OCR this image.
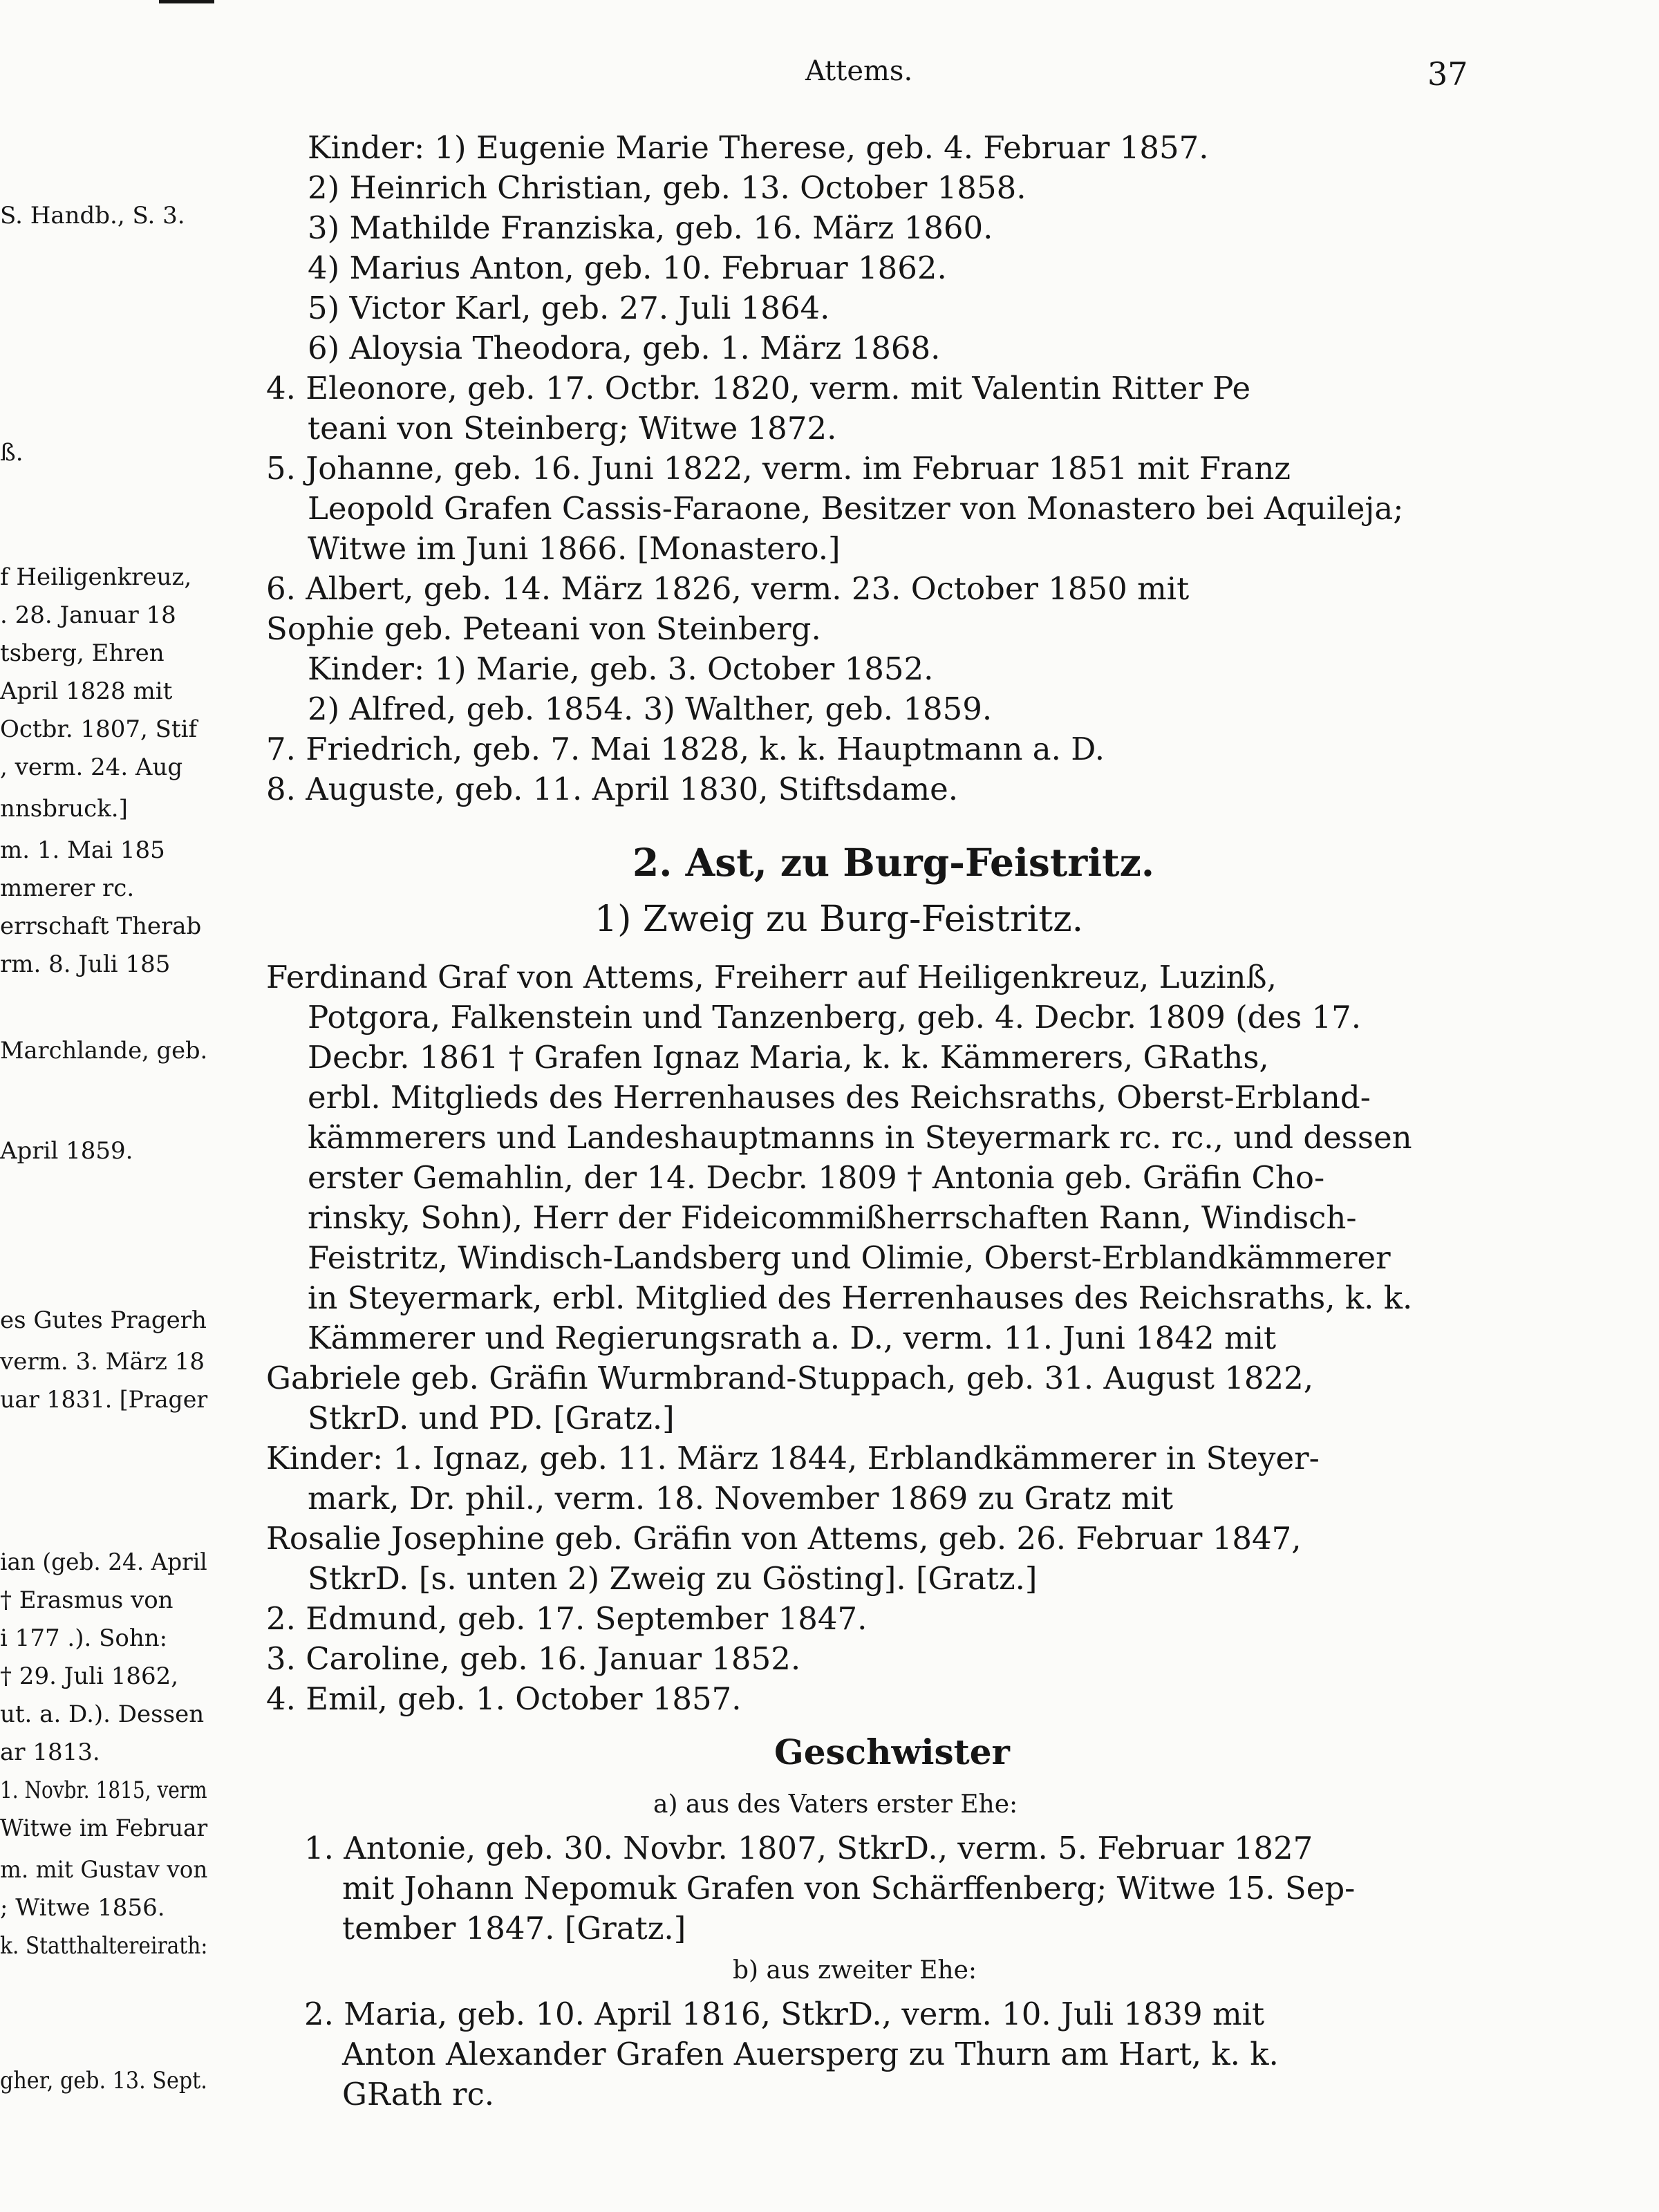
S. Handb., S. 3.
ß.
f Heiligenkreuz,
. 28. Januar 18
tsberg, Ehren
April 1828 mit
Octbr. 1807, Stif
, verm. 24. Aug
nnsbruck.]
m. 1. Mai 185
mmerer rc.
errschaft Therab
rm. 8. Juli 185
Marchlande, geb.
April 1859.
es Gutes Pragerh
verm. 3. März 18
uar 1831. [Prager
ian (geb. 24. April
† Erasmus von
i 177 .). Sohn:
† 29. Juli 1862,
ut. a. D.). Dessen
ar 1813.
1. Novbr. 1815, verm
Witwe im Februar
m. mit Gustav von
; Witwe 1856.
k. Statthaltereirath:
gher, geb. 13. Sept.
Attems.	37
Kinder: 1) Eugenie Marie Therese, geb. 4. Februar 1857.
2) Heinrich Christian, geb. 13. October 1858.
3) Mathilde Franziska, geb. 16. März 1860.
4) Marius Anton, geb. 10. Februar 1862.
5) Victor Karl, geb. 27. Juli 1864.
6) Aloysia Theodora, geb. 1. März 1868.
4. Eleonore, geb. 17. Octbr. 1820, verm. mit Valentin Ritter Pe
teani von Steinberg; Witwe 1872.
5. Johanne, geb. 16. Juni 1822, verm. im Februar 1851 mit Franz
Leopold Grafen Cassis-Faraone, Besitzer von Monastero bei Aquileja;
Witwe im Juni 1866. [Monastero.]
6. Albert, geb. 14. März 1826, verm. 23. October 1850 mit
Sophie geb. Peteani von Steinberg.
Kinder: 1) Marie, geb. 3. October 1852.
2) Alfred, geb. 1854. 3) Walther, geb. 1859.
7. Friedrich, geb. 7. Mai 1828, k. k. Hauptmann a. D.
8. Auguste, geb. 11. April 1830, Stiftsdame.
2. Ast, zu Burg-Feistritz.
1) Zweig zu Burg-Feistritz.
Ferdinand Graf von Attems, Freiherr auf Heiligenkreuz, Luzinß,
Potgora, Falkenstein und Tanzenberg, geb. 4. Decbr. 1809 (des 17.
Decbr. 1861 † Grafen Ignaz Maria, k. k. Kämmerers, GRaths,
erbl. Mitglieds des Herrenhauses des Reichsraths, Oberst-Erbland-
kämmerers und Landeshauptmanns in Steyermark rc. rc., und dessen
erster Gemahlin, der 14. Decbr. 1809 † Antonia geb. Gräfin Cho-
rinsky, Sohn), Herr der Fideicommißherrschaften Rann, Windisch-
Feistritz, Windisch-Landsberg und Olimie, Oberst-Erblandkämmerer
in Steyermark, erbl. Mitglied des Herrenhauses des Reichsraths, k. k.
Kämmerer und Regierungsrath a. D., verm. 11. Juni 1842 mit
Gabriele geb. Gräfin Wurmbrand-Stuppach, geb. 31. August 1822,
StkrD. und PD. [Gratz.]
Kinder: 1. Ignaz, geb. 11. März 1844, Erblandkämmerer in Steyer-
mark, Dr. phil., verm. 18. November 1869 zu Gratz mit
Rosalie Josephine geb. Gräfin von Attems, geb. 26. Februar 1847,
StkrD. [s. unten 2) Zweig zu Gösting]. [Gratz.]
2. Edmund, geb. 17. September 1847.
3. Caroline, geb. 16. Januar 1852.
4. Emil, geb. 1. October 1857.
Geschwister
a) aus des Vaters erster Ehe:
1. Antonie, geb. 30. Novbr. 1807, StkrD., verm. 5. Februar 1827
mit Johann Nepomuk Grafen von Schärffenberg; Witwe 15. Sep-
tember 1847. [Gratz.]
b) aus zweiter Ehe:
2. Maria, geb. 10. April 1816, StkrD., verm. 10. Juli 1839 mit
Anton Alexander Grafen Auersperg zu Thurn am Hart, k. k.
GRath rc.
